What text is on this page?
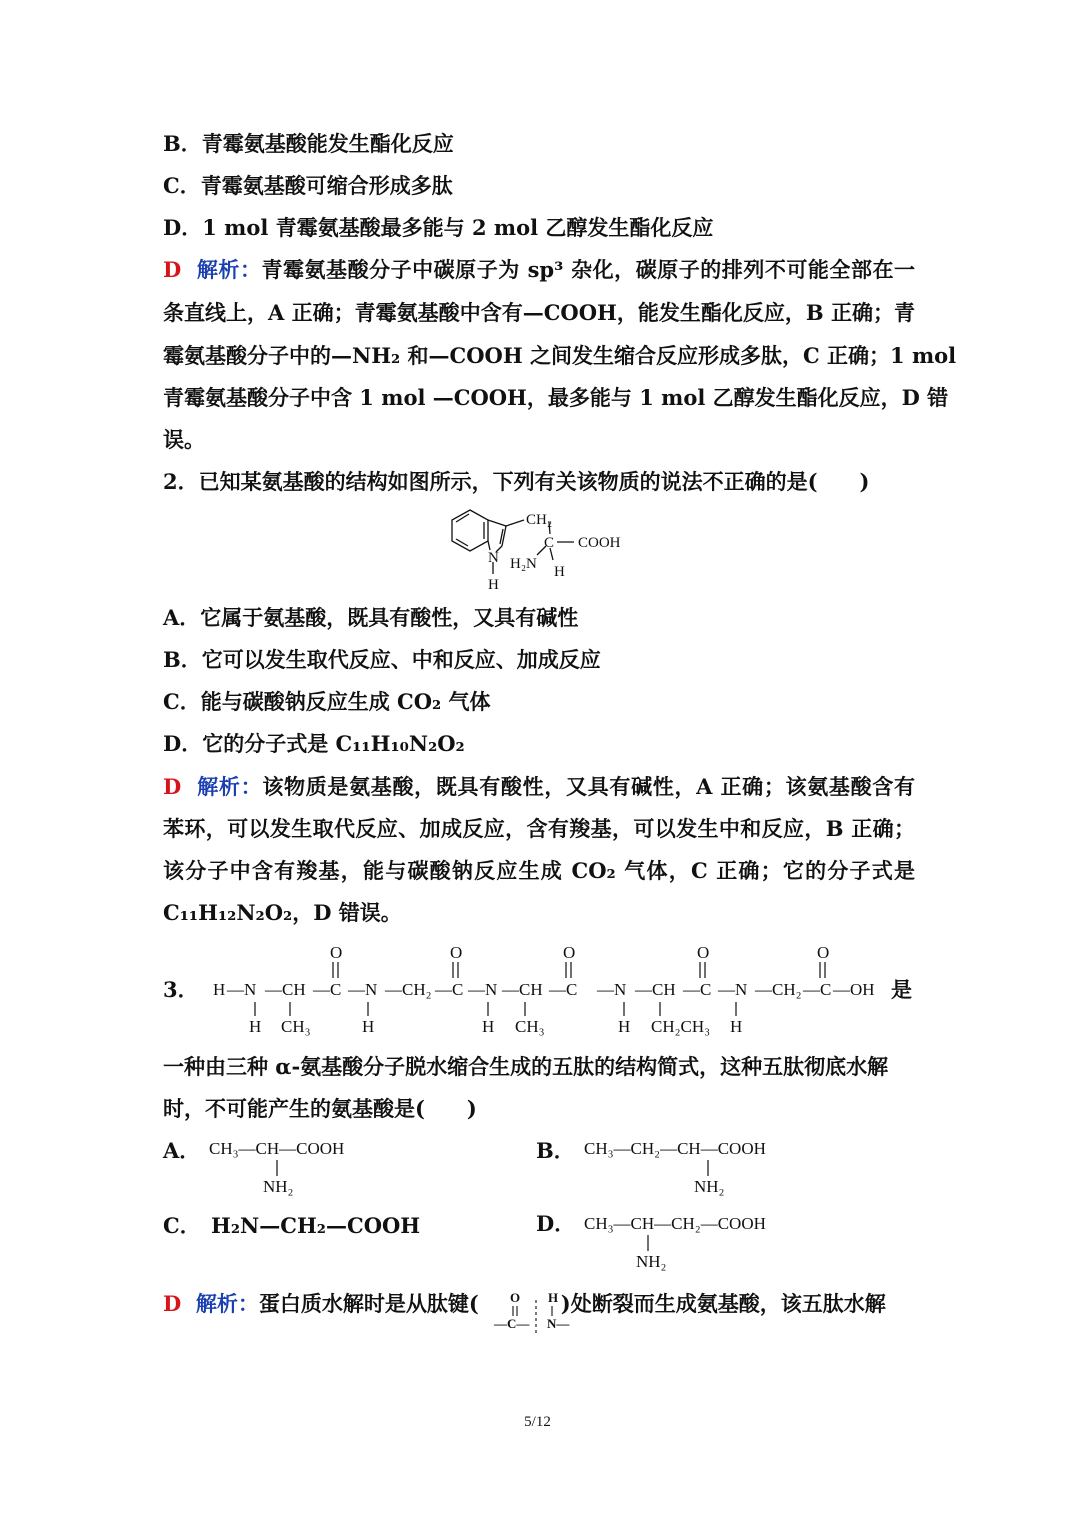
B．青霉氨基酸能发生酯化反应
C．青霉氨基酸可缩合形成多肽
D．1 mol 青霉氨基酸最多能与 2 mol 乙醇发生酯化反应
D 解析：青霉氨基酸分子中碳原子为 sp³ 杂化，碳原子的排列不可能全部在一
条直线上，A 正确；青霉氨基酸中含有—COOH，能发生酯化反应，B 正确；青
霉氨基酸分子中的—NH₂ 和—COOH 之间发生缩合反应形成多肽，C 正确；1 mol
青霉氨基酸分子中含 1 mol —COOH，最多能与 1 mol 乙醇发生酯化反应，D 错
误。
2．已知某氨基酸的结构如图所示，下列有关该物质的说法不正确的是(　　)
CH₂
C COOH
N
H
H₂N H
A．它属于氨基酸，既具有酸性，又具有碱性
B．它可以发生取代反应、中和反应、加成反应
C．能与碳酸钠反应生成 CO₂ 气体
D．它的分子式是 C₁₁H₁₀N₂O₂
D 解析：该物质是氨基酸，既具有酸性，又具有碱性，A 正确；该氨基酸含有
苯环，可以发生取代反应、加成反应，含有羧基，可以发生中和反应，B 正确；
该分子中含有羧基，能与碳酸钠反应生成 CO₂ 气体，C 正确；它的分子式是
C₁₁H₁₂N₂O₂，D 错误。
3． H —N —CH —C —N —CH₂ —C —N —CH —C —N —CH —C —N —CH₂ —C —OH
O	O	O	O	O
H CH₃	H	H CH₃	H CH₂CH₃ H
是
一种由三种 α-氨基酸分子脱水缩合生成的五肽的结构简式，这种五肽彻底水解
时，不可能产生的氨基酸是(　　)
A． CH₃—CH—COOH
NH₂
B． CH₃—CH₂—CH—COOH
NH₂
C． H₂N—CH₂—COOH	D． CH₃—CH—CH₂—COOH
NH₂
D 解析：蛋白质水解时是从肽键(	)处断裂而生成氨基酸，该五肽水解
O H
—C— N—
5/12
